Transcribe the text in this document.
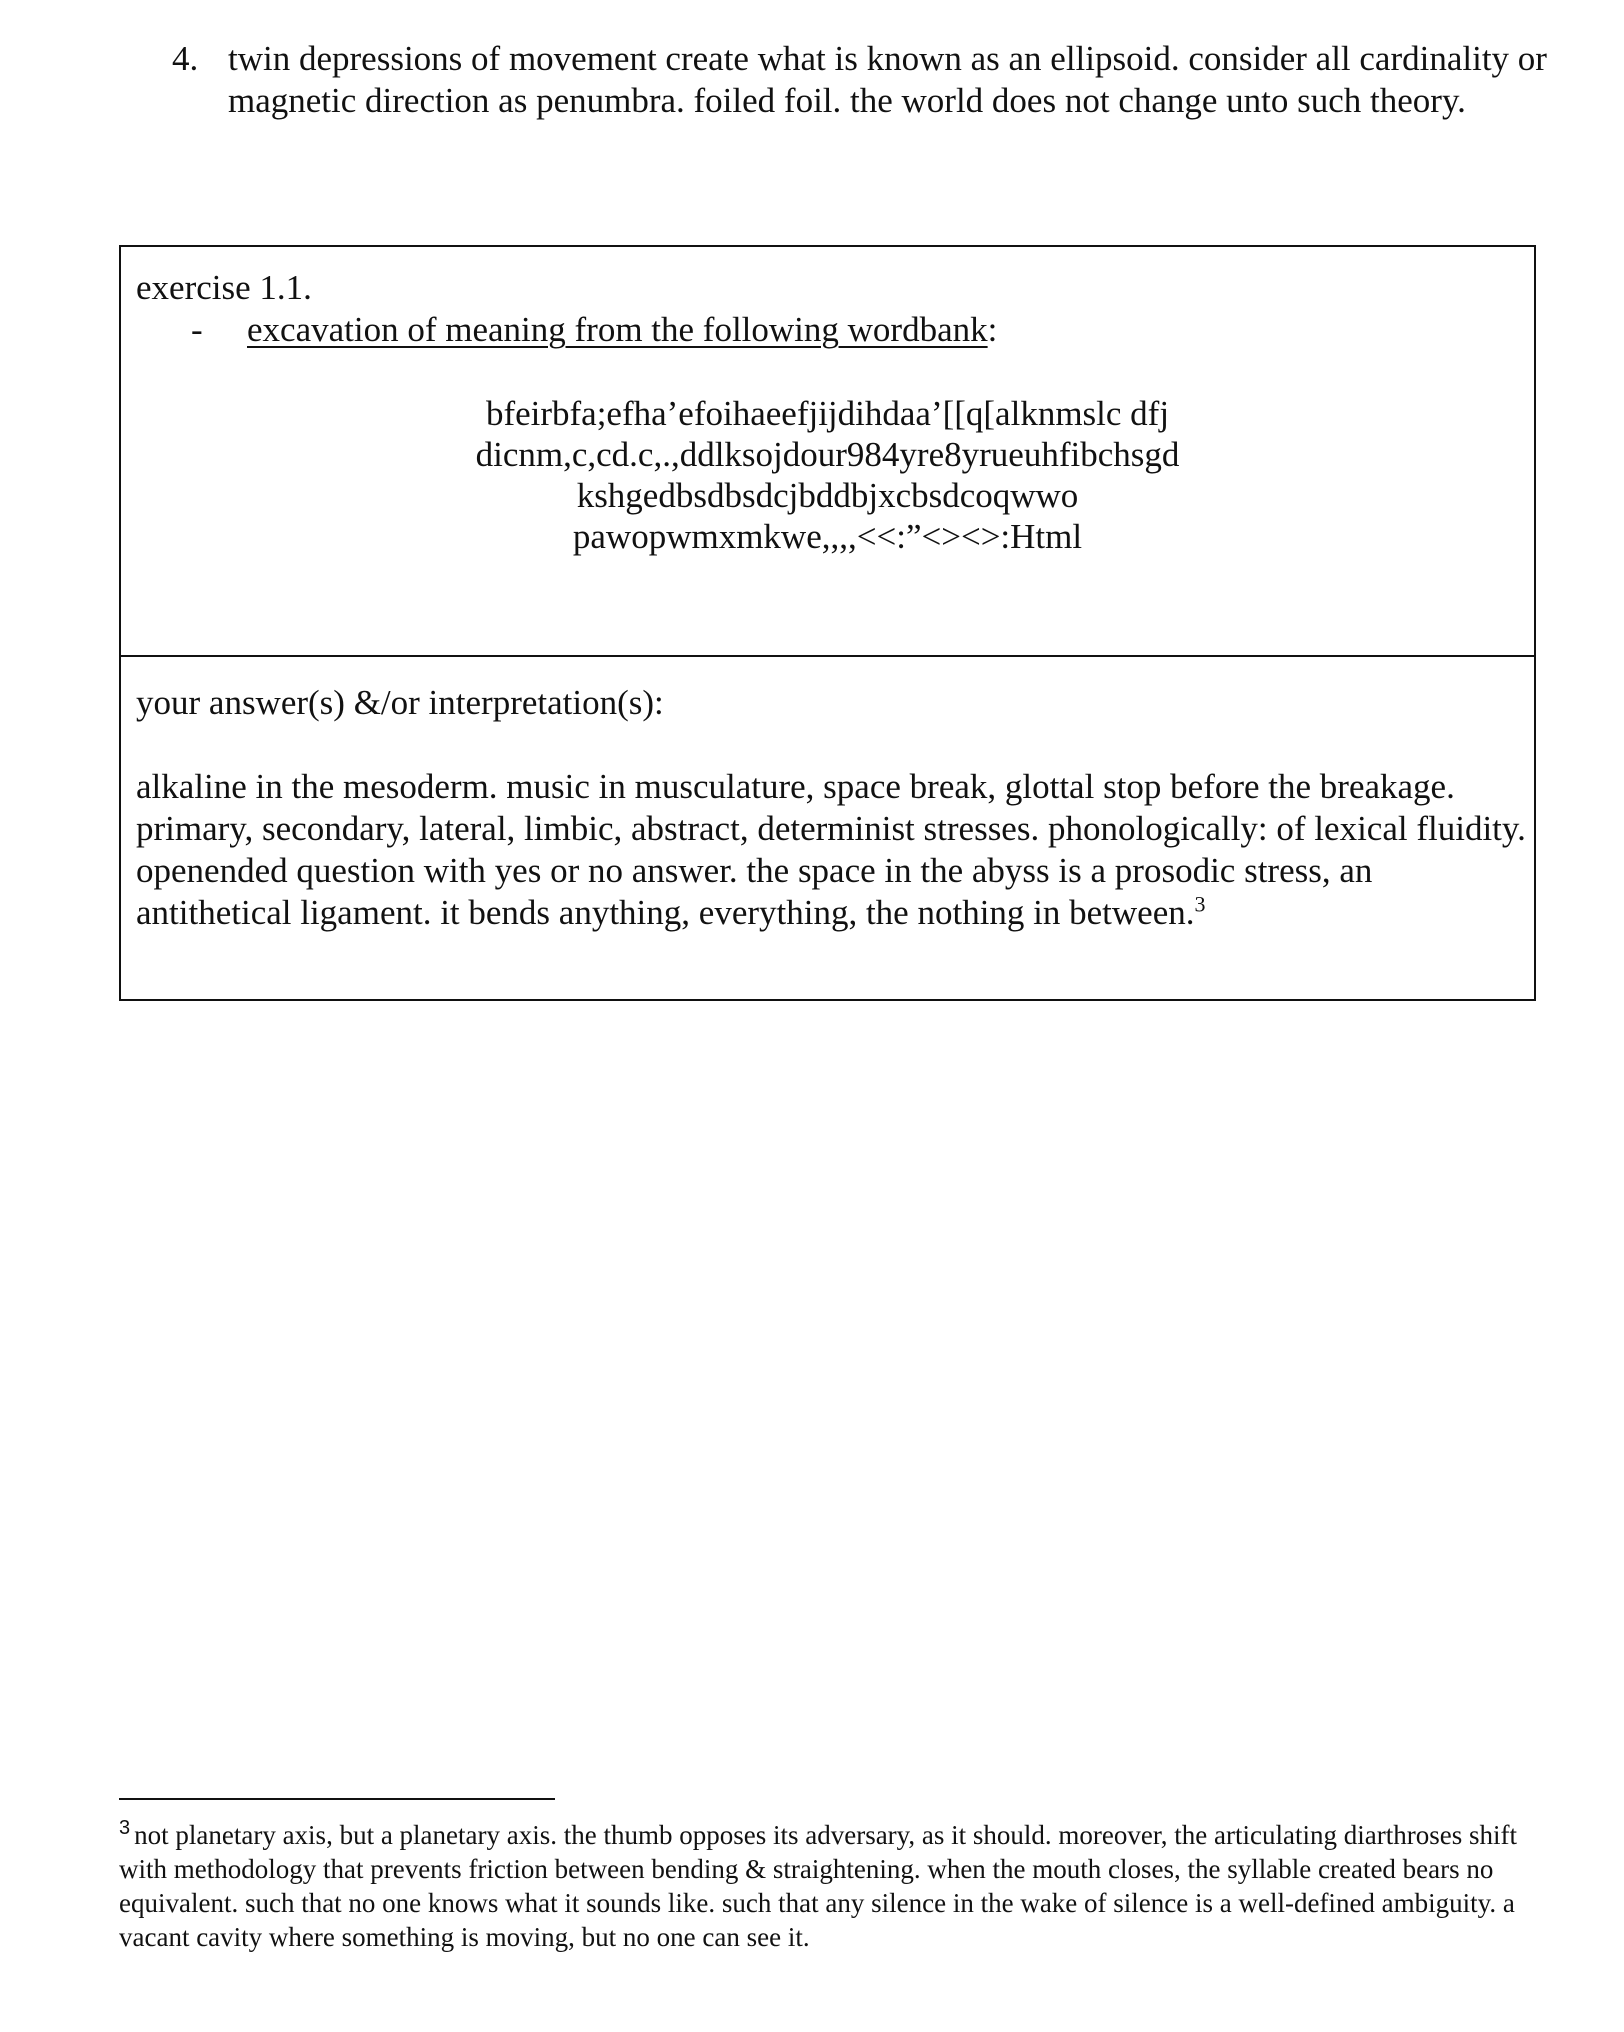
4. twin depressions of movement create what is known as an ellipsoid. consider all cardinality or magnetic direction as penumbra. foiled foil. the world does not change unto such theory.
exercise 1.1.
- excavation of meaning from the following wordbank:
bfeirbfa;efha’efoihaeefjijdihdaa’[[q[alknmslc dfj
dicnm,c,cd.c,.,ddlksojdour984yre8yrueuhfibchsgd
kshgedbsdbsdcjbddbjxcbsdcoqwwo
pawopwmxmkwe,,,,<<:”<><>:Html
your answer(s) &/or interpretation(s):
alkaline in the mesoderm. music in musculature, space break, glottal stop before the breakage. primary, secondary, lateral, limbic, abstract, determinist stresses. phonologically: of lexical fluidity. openended question with yes or no answer. the space in the abyss is a prosodic stress, an antithetical ligament. it bends anything, everything, the nothing in between.$^3$
$^3$ not planetary axis, but a planetary axis. the thumb opposes its adversary, as it should. moreover, the articulating diarthroses shift with methodology that prevents friction between bending & straightening. when the mouth closes, the syllable created bears no equivalent. such that no one knows what it sounds like. such that any silence in the wake of silence is a well-defined ambiguity. a vacant cavity where something is moving, but no one can see it.
